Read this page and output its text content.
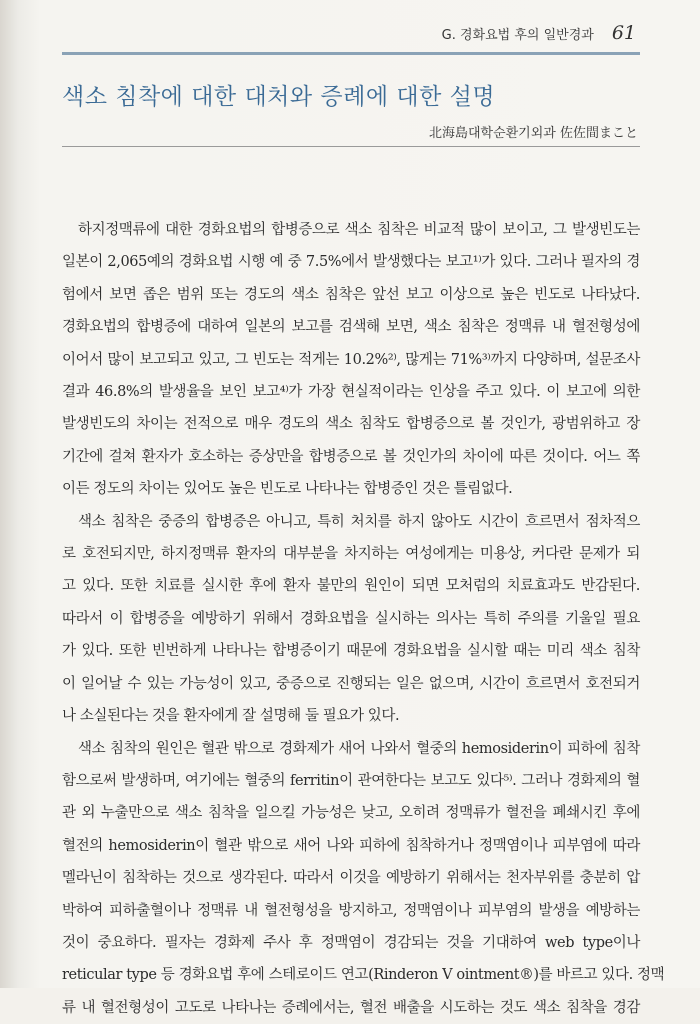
G. 경화요법 후의 일반경과 61
색소 침착에 대한 대처와 증례에 대한 설명
北海島대학순환기외과 佐佐間まこと
하지정맥류에 대한 경화요법의 합병증으로 색소 침착은 비교적 많이 보이고, 그 발생빈도는
일본이 2,065예의 경화요법 시행 예 중 7.5%에서 발생했다는 보고¹⁾가 있다. 그러나 필자의 경
험에서 보면 좁은 범위 또는 경도의 색소 침착은 앞선 보고 이상으로 높은 빈도로 나타났다.
경화요법의 합병증에 대하여 일본의 보고를 검색해 보면, 색소 침착은 정맥류 내 혈전형성에
이어서 많이 보고되고 있고, 그 빈도는 적게는 10.2%²⁾, 많게는 71%³⁾까지 다양하며, 설문조사
결과 46.8%의 발생율을 보인 보고⁴⁾가 가장 현실적이라는 인상을 주고 있다. 이 보고에 의한
발생빈도의 차이는 전적으로 매우 경도의 색소 침착도 합병증으로 볼 것인가, 광범위하고 장
기간에 걸쳐 환자가 호소하는 증상만을 합병증으로 볼 것인가의 차이에 따른 것이다. 어느 쪽
이든 정도의 차이는 있어도 높은 빈도로 나타나는 합병증인 것은 틀림없다.
색소 침착은 중증의 합병증은 아니고, 특히 처치를 하지 않아도 시간이 흐르면서 점차적으
로 호전되지만, 하지정맥류 환자의 대부분을 차지하는 여성에게는 미용상, 커다란 문제가 되
고 있다. 또한 치료를 실시한 후에 환자 불만의 원인이 되면 모처럼의 치료효과도 반감된다.
따라서 이 합병증을 예방하기 위해서 경화요법을 실시하는 의사는 특히 주의를 기울일 필요
가 있다. 또한 빈번하게 나타나는 합병증이기 때문에 경화요법을 실시할 때는 미리 색소 침착
이 일어날 수 있는 가능성이 있고, 중증으로 진행되는 일은 없으며, 시간이 흐르면서 호전되거
나 소실된다는 것을 환자에게 잘 설명해 둘 필요가 있다.
색소 침착의 원인은 혈관 밖으로 경화제가 새어 나와서 혈중의 hemosiderin이 피하에 침착
함으로써 발생하며, 여기에는 혈중의 ferritin이 관여한다는 보고도 있다⁵⁾. 그러나 경화제의 혈
관 외 누출만으로 색소 침착을 일으킬 가능성은 낮고, 오히려 정맥류가 혈전을 폐쇄시킨 후에
혈전의 hemosiderin이 혈관 밖으로 새어 나와 피하에 침착하거나 정맥염이나 피부염에 따라
멜라닌이 침착하는 것으로 생각된다. 따라서 이것을 예방하기 위해서는 천자부위를 충분히 압
박하여 피하출혈이나 정맥류 내 혈전형성을 방지하고, 정맥염이나 피부염의 발생을 예방하는
것이 중요하다. 필자는 경화제 주사 후 정맥염이 경감되는 것을 기대하여 web type이나
reticular type 등 경화요법 후에 스테로이드 연고(Rinderon V ointment®)를 바르고 있다. 정맥
류 내 혈전형성이 고도로 나타나는 증례에서는, 혈전 배출을 시도하는 것도 색소 침착을 경감
